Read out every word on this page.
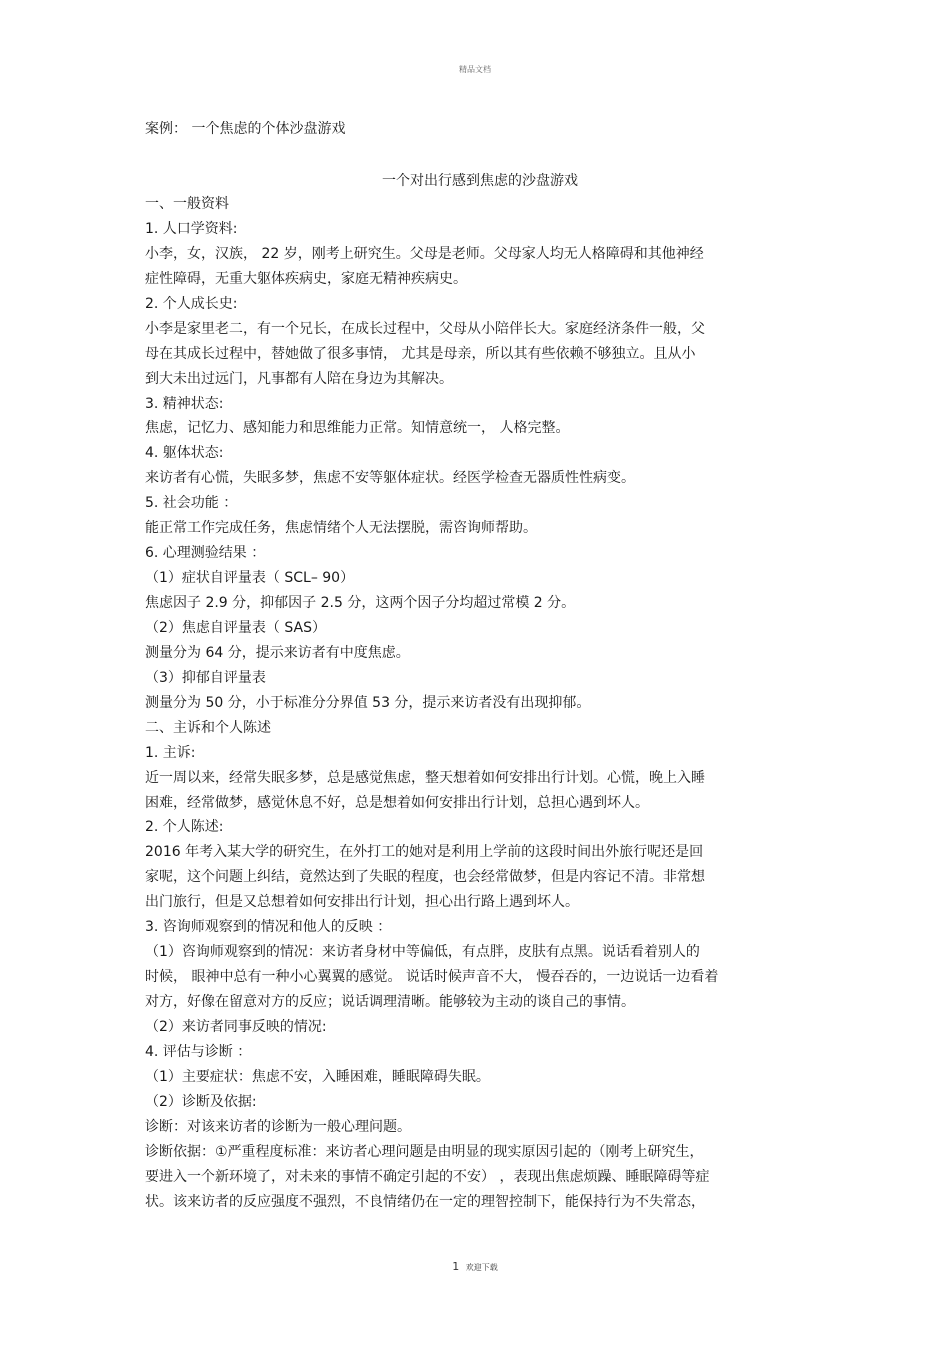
精品文档
案例： 一个焦虑的个体沙盘游戏
一个对出行感到焦虑的沙盘游戏
一、一般资料
1. 人口学资料:
小李，女，汉族， 22 岁，刚考上研究生。父母是老师。父母家人均无人格障碍和其他神经
症性障碍，无重大躯体疾病史，家庭无精神疾病史。
2. 个人成长史:
小李是家里老二，有一个兄长，在成长过程中，父母从小陪伴长大。家庭经济条件一般，父
母在其成长过程中，替她做了很多事情， 尤其是母亲，所以其有些依赖不够独立。且从小
到大未出过远门，凡事都有人陪在身边为其解决。
3. 精神状态:
焦虑，记忆力、感知能力和思维能力正常。知情意统一， 人格完整。
4. 躯体状态:
来访者有心慌，失眠多梦，焦虑不安等躯体症状。经医学检查无器质性性病变。
5. 社会功能 ：
能正常工作完成任务，焦虑情绪个人无法摆脱，需咨询师帮助。
6. 心理测验结果 ：
（1）症状自评量表（ SCL– 90）
焦虑因子 2.9 分，抑郁因子 2.5 分，这两个因子分均超过常模 2 分。
（2）焦虑自评量表（ SAS）
测量分为 64 分，提示来访者有中度焦虑。
（3）抑郁自评量表
测量分为 50 分，小于标准分分界值 53 分，提示来访者没有出现抑郁。
二、主诉和个人陈述
1. 主诉:
近一周以来，经常失眠多梦，总是感觉焦虑，整天想着如何安排出行计划。心慌，晚上入睡
困难，经常做梦，感觉休息不好，总是想着如何安排出行计划，总担心遇到坏人。
2. 个人陈述:
2016 年考入某大学的研究生，在外打工的她对是利用上学前的这段时间出外旅行呢还是回
家呢，这个问题上纠结，竟然达到了失眠的程度，也会经常做梦，但是内容记不清。非常想
出门旅行，但是又总想着如何安排出行计划，担心出行路上遇到坏人。
3. 咨询师观察到的情况和他人的反映 ：
（1）咨询师观察到的情况：来访者身材中等偏低，有点胖，皮肤有点黑。说话看着别人的
时候， 眼神中总有一种小心翼翼的感觉。 说话时候声音不大， 慢吞吞的，一边说话一边看着
对方，好像在留意对方的反应；说话调理清晰。能够较为主动的谈自己的事情。
（2）来访者同事反映的情况:
4. 评估与诊断 ：
（1）主要症状：焦虑不安，入睡困难，睡眠障碍失眠。
（2）诊断及依据:
诊断：对该来访者的诊断为一般心理问题。
诊断依据：①严重程度标准：来访者心理问题是由明显的现实原因引起的（刚考上研究生，
要进入一个新环境了，对未来的事情不确定引起的不安） ，表现出焦虑烦躁、睡眠障碍等症
状。该来访者的反应强度不强烈，不良情绪仍在一定的理智控制下，能保持行为不失常态，
1 欢迎下载
